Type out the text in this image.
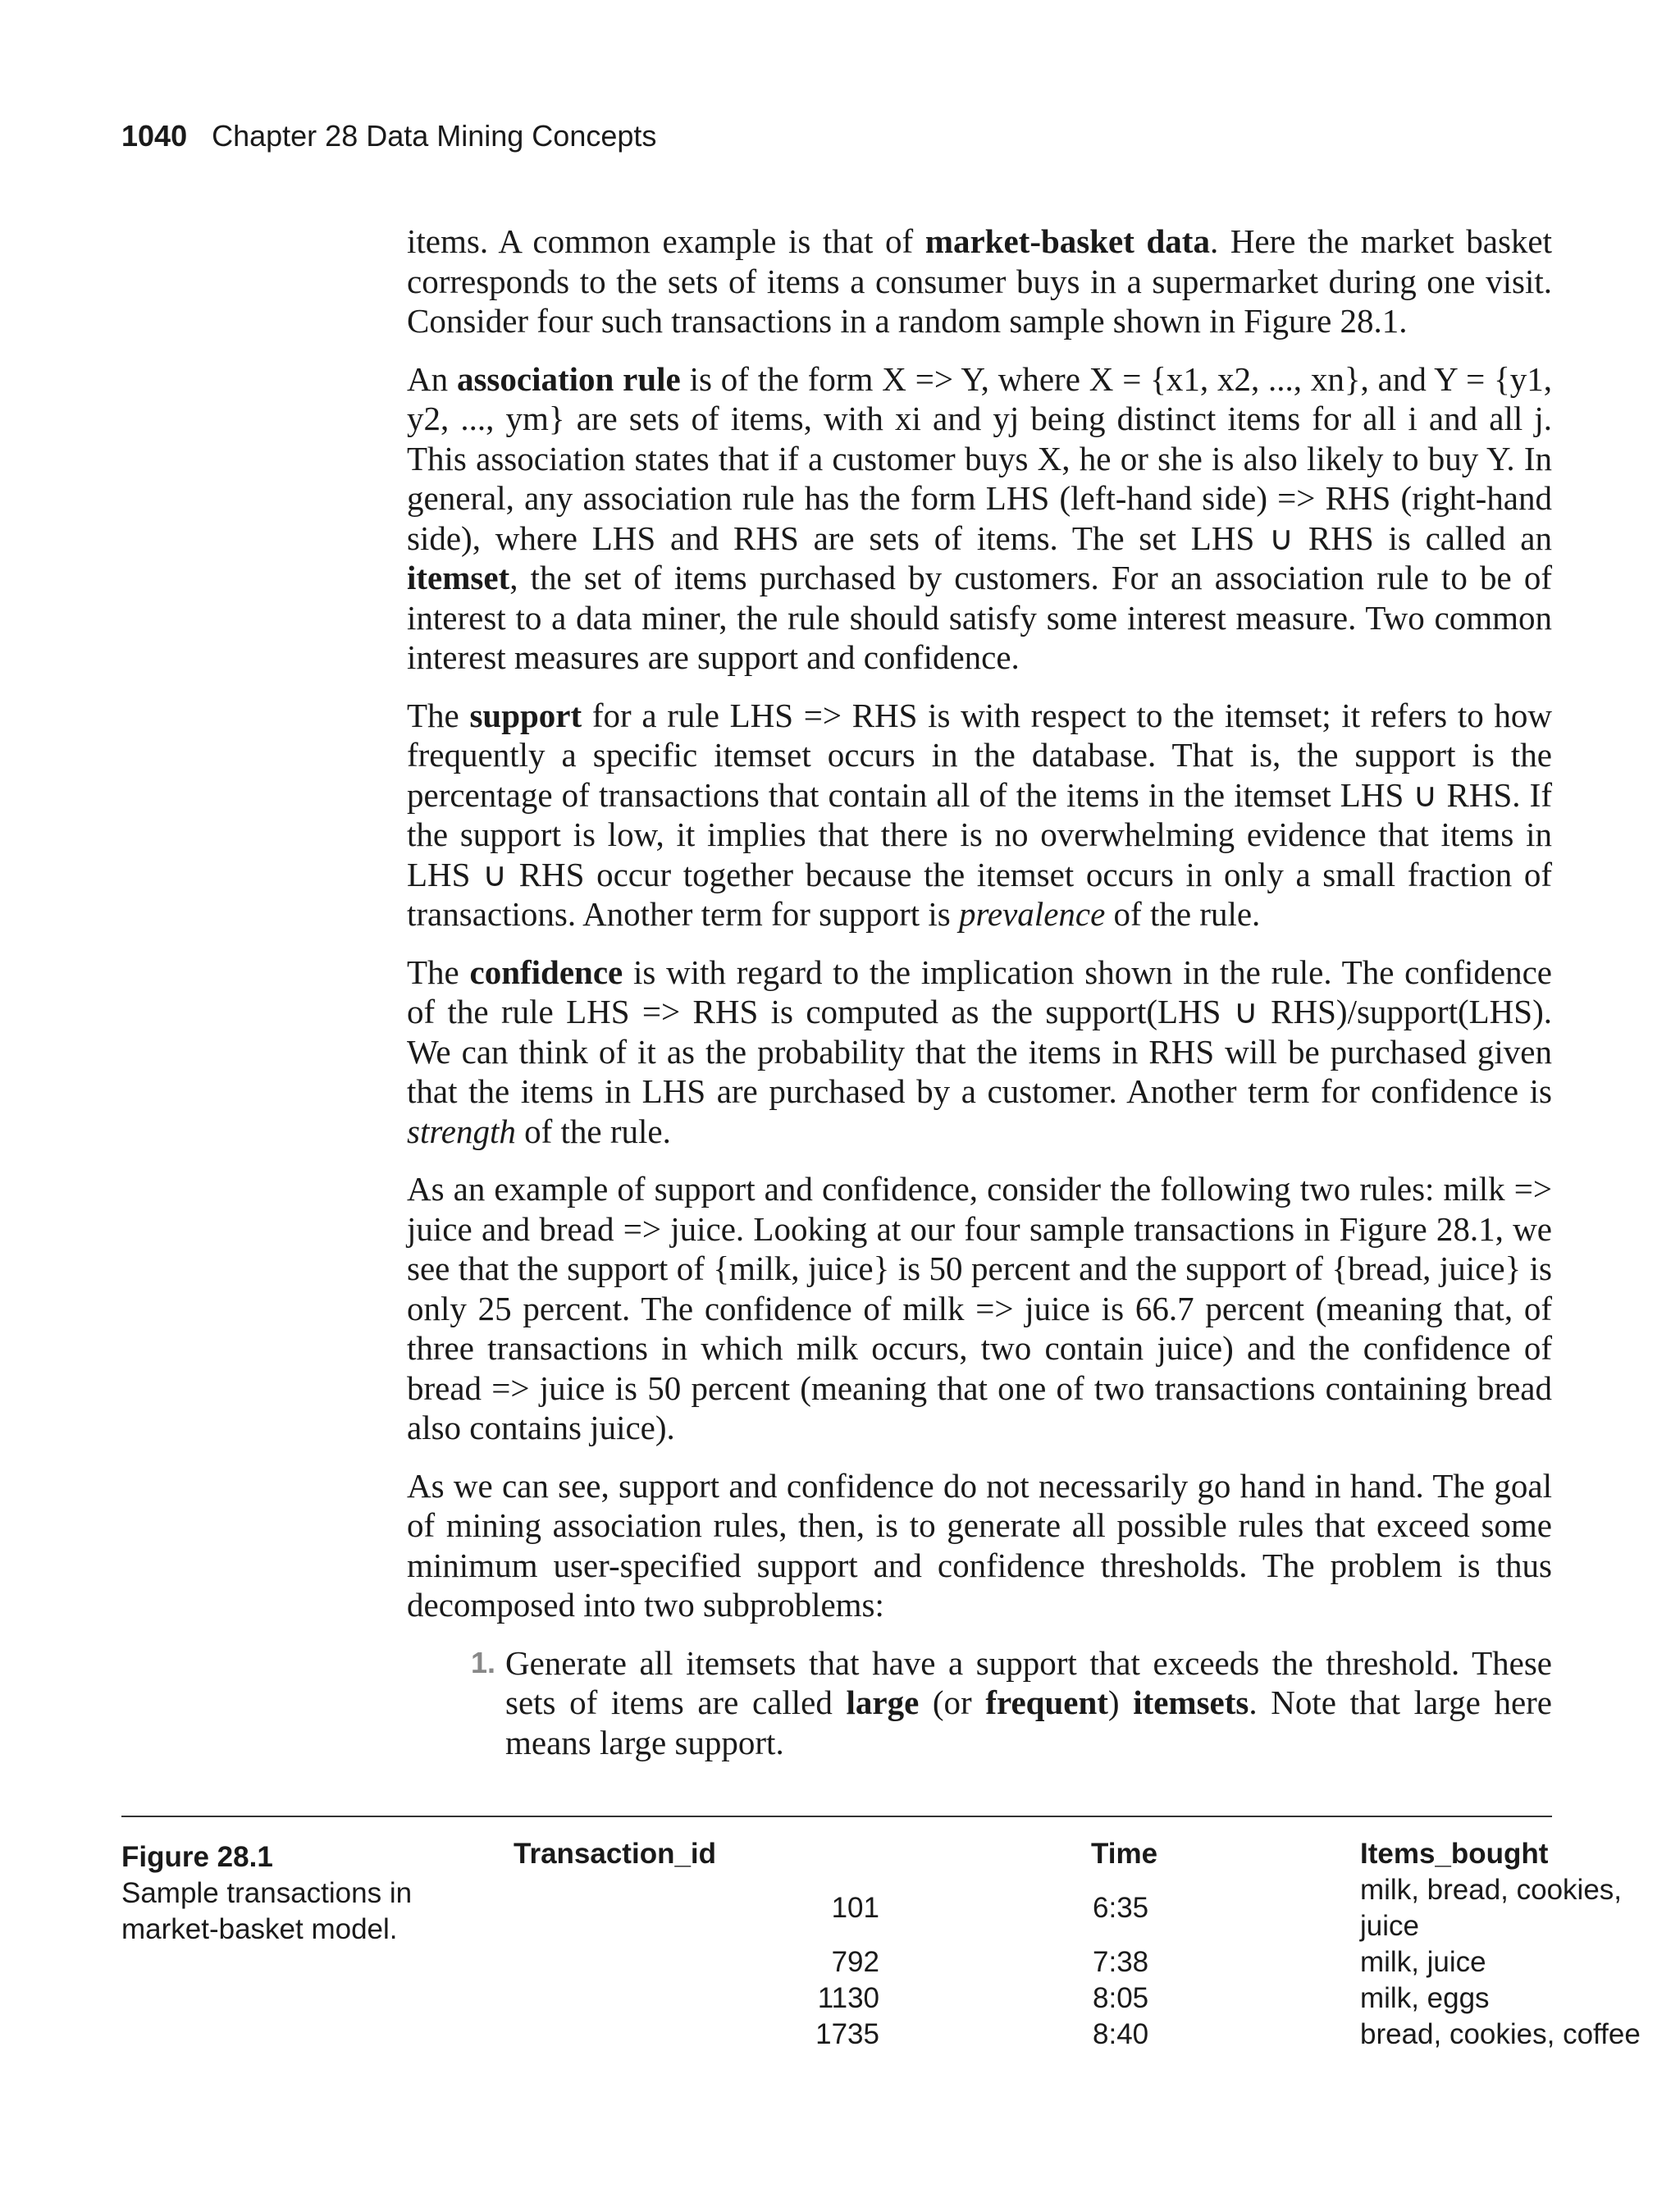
1040 Chapter 28 Data Mining Concepts

items. A common example is that of market-basket data. Here the market basket corresponds to the sets of items a consumer buys in a supermarket during one visit. Consider four such transactions in a random sample shown in Figure 28.1.

An association rule is of the form X => Y, where X = {x1, x2, ..., xn}, and Y = {y1, y2, ..., ym} are sets of items, with xi and yj being distinct items for all i and all j. This association states that if a customer buys X, he or she is also likely to buy Y. In general, any association rule has the form LHS (left-hand side) => RHS (right-hand side), where LHS and RHS are sets of items. The set LHS ∪ RHS is called an itemset, the set of items purchased by customers. For an association rule to be of interest to a data miner, the rule should satisfy some interest measure. Two common interest measures are support and confidence.

The support for a rule LHS => RHS is with respect to the itemset; it refers to how frequently a specific itemset occurs in the database. That is, the support is the percentage of transactions that contain all of the items in the itemset LHS ∪ RHS. If the support is low, it implies that there is no overwhelming evidence that items in LHS ∪ RHS occur together because the itemset occurs in only a small fraction of transactions. Another term for support is prevalence of the rule.

The confidence is with regard to the implication shown in the rule. The confidence of the rule LHS => RHS is computed as the support(LHS ∪ RHS)/support(LHS). We can think of it as the probability that the items in RHS will be purchased given that the items in LHS are purchased by a customer. Another term for confidence is strength of the rule.

As an example of support and confidence, consider the following two rules: milk => juice and bread => juice. Looking at our four sample transactions in Figure 28.1, we see that the support of {milk, juice} is 50 percent and the support of {bread, juice} is only 25 percent. The confidence of milk => juice is 66.7 percent (meaning that, of three transactions in which milk occurs, two contain juice) and the confidence of bread => juice is 50 percent (meaning that one of two transactions containing bread also contains juice).

As we can see, support and confidence do not necessarily go hand in hand. The goal of mining association rules, then, is to generate all possible rules that exceed some minimum user-specified support and confidence thresholds. The problem is thus decomposed into two subproblems:

1. Generate all itemsets that have a support that exceeds the threshold. These sets of items are called large (or frequent) itemsets. Note that large here means large support.
Figure 28.1
Sample transactions in market-basket model.
Transaction_id	Time	Items_bought
101	6:35	milk, bread, cookies, juice
792	7:38	milk, juice
1130	8:05	milk, eggs
1735	8:40	bread, cookies, coffee
